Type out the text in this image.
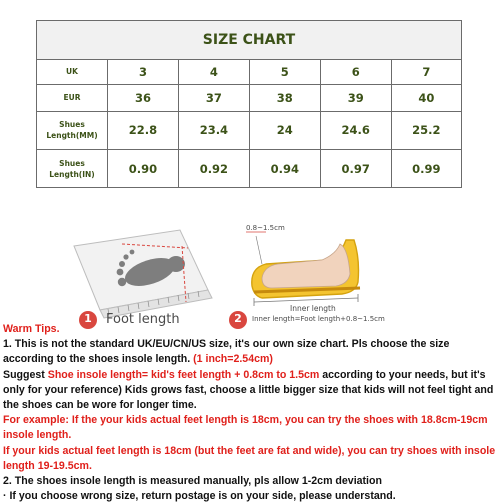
SIZE CHART
UK	3	4	5	6	7

EUR	36	37	38	39	40

Shues
Length(MM)	22.8	23.4	24	24.6	25.2

Shues
Length(IN)	0.90	0.92	0.94	0.97	0.99
1	Foot length
0.8~1.5cm
Inner length
2	Inner length=Foot length+0.8~1.5cm

Warm Tips.

1. This is not the standard UK/EU/CN/US size, it's our own size chart. Pls choose the size according to the shoes insole length. (1 inch=2.54cm)

Suggest Shoe insole length= kid's feet length + 0.8cm to 1.5cm according to your needs, but it's only for your reference) Kids grows fast, choose a little bigger size that kids will not feel tight and the shoes can be wore for longer time.

For example: If the your kids actual feet length is 18cm, you can try the shoes with 18.8cm-19cm insole length.

If your kids actual feet length is 18cm (but the feet are fat and wide), you can try shoes with insole length 19-19.5cm.

2. The shoes insole length is measured manually, pls allow 1-2cm deviation

· If you choose wrong size, return postage is on your side, please understand.
